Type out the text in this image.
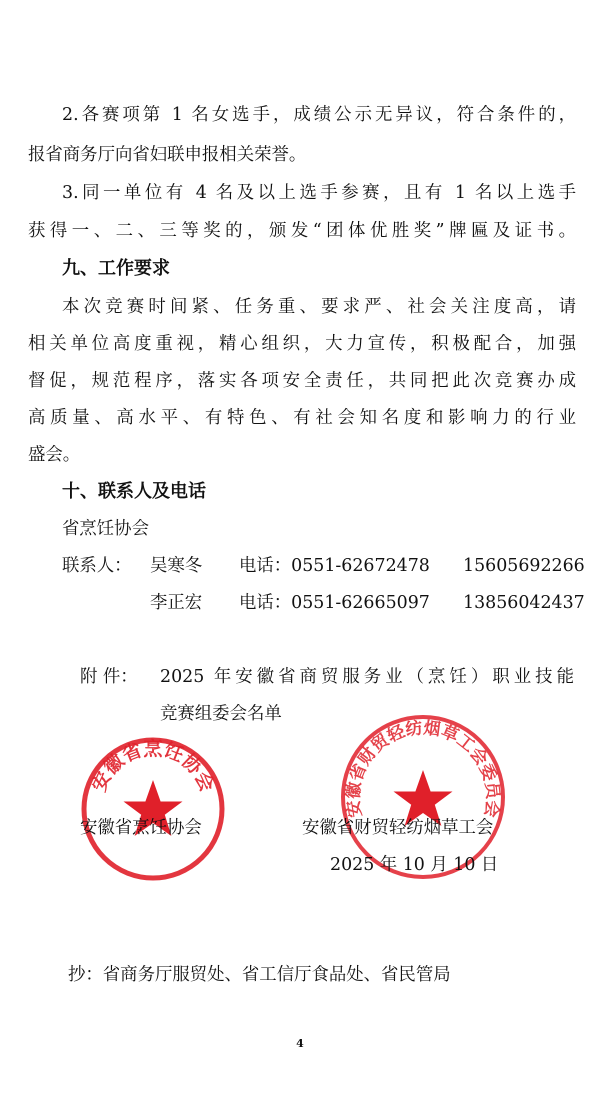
2.各赛项第 1 名女选手，成绩公示无异议，符合条件的，
报省商务厅向省妇联申报相关荣誉。
3.同一单位有 4 名及以上选手参赛，且有 1 名以上选手
获得一、二、三等奖的，颁发“团体优胜奖”牌匾及证书。
九、工作要求
本次竞赛时间紧、任务重、要求严、社会关注度高，请
相关单位高度重视，精心组织，大力宣传，积极配合，加强
督促，规范程序，落实各项安全责任，共同把此次竞赛办成
高质量、高水平、有特色、有社会知名度和影响力的行业
盛会。
十、联系人及电话
省烹饪协会
联系人： 吴寒冬 电话：0551-62672478 15605692266
李正宏 电话：0551-62665097 13856042437
附 件： 2025 年安徽省商贸服务业（烹饪）职业技能
竞赛组委会名单
安徽省烹饪协会
安徽省财贸轻纺烟草工会委员会
安徽省烹饪协会	安徽省财贸轻纺烟草工会
2025 年 10 月 10 日
抄：省商务厅服贸处、省工信厅食品处、省民管局
4
